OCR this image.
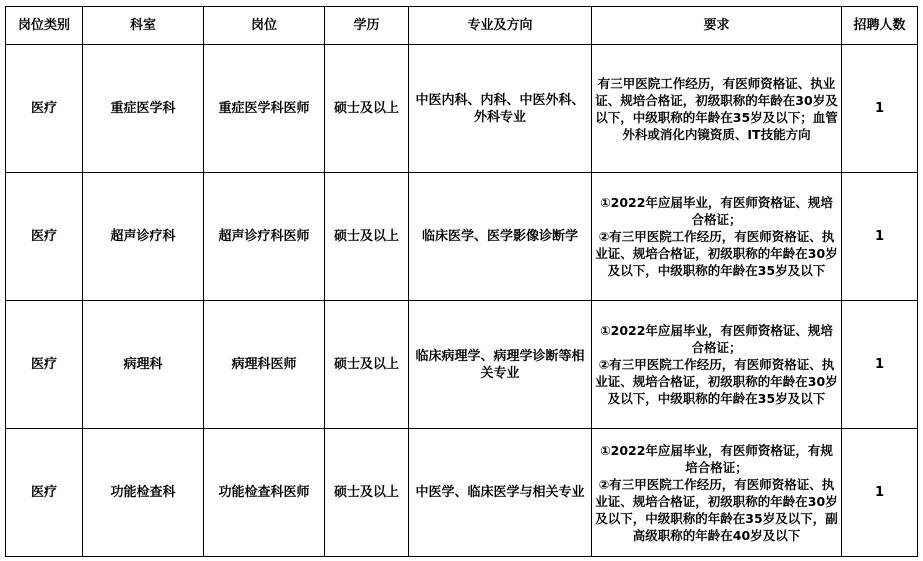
岗位类别	科室	岗位	学历	专业及方向	要求	招聘人数
医疗	重症医学科	重症医学科医师	硕士及以上	中医内科、内科、中医外科、外科专业	有三甲医院工作经历，有医师资格证、执业证、规培合格证，初级职称的年龄在30岁及以下，中级职称的年龄在35岁及以下；血管外科或消化内镜资质、IT技能方向	1
医疗	超声诊疗科	超声诊疗科医师	硕士及以上	临床医学、医学影像诊断学	①2022年应届毕业，有医师资格证、规培合格证；
②有三甲医院工作经历，有医师资格证、执业证、规培合格证，初级职称的年龄在30岁及以下，中级职称的年龄在35岁及以下	1
医疗	病理科	病理科医师	硕士及以上	临床病理学、病理学诊断等相关专业	①2022年应届毕业，有医师资格证、规培合格证；
②有三甲医院工作经历，有医师资格证、执业证、规培合格证，初级职称的年龄在30岁及以下，中级职称的年龄在35岁及以下	1
医疗	功能检查科	功能检查科医师	硕士及以上	中医学、临床医学与相关专业	①2022年应届毕业，有医师资格证，有规培合格证；
②有三甲医院工作经历，有医师资格证、执业证、规培合格证，初级职称的年龄在30岁及以下，中级职称的年龄在35岁及以下，副高级职称的年龄在40岁及以下	1
